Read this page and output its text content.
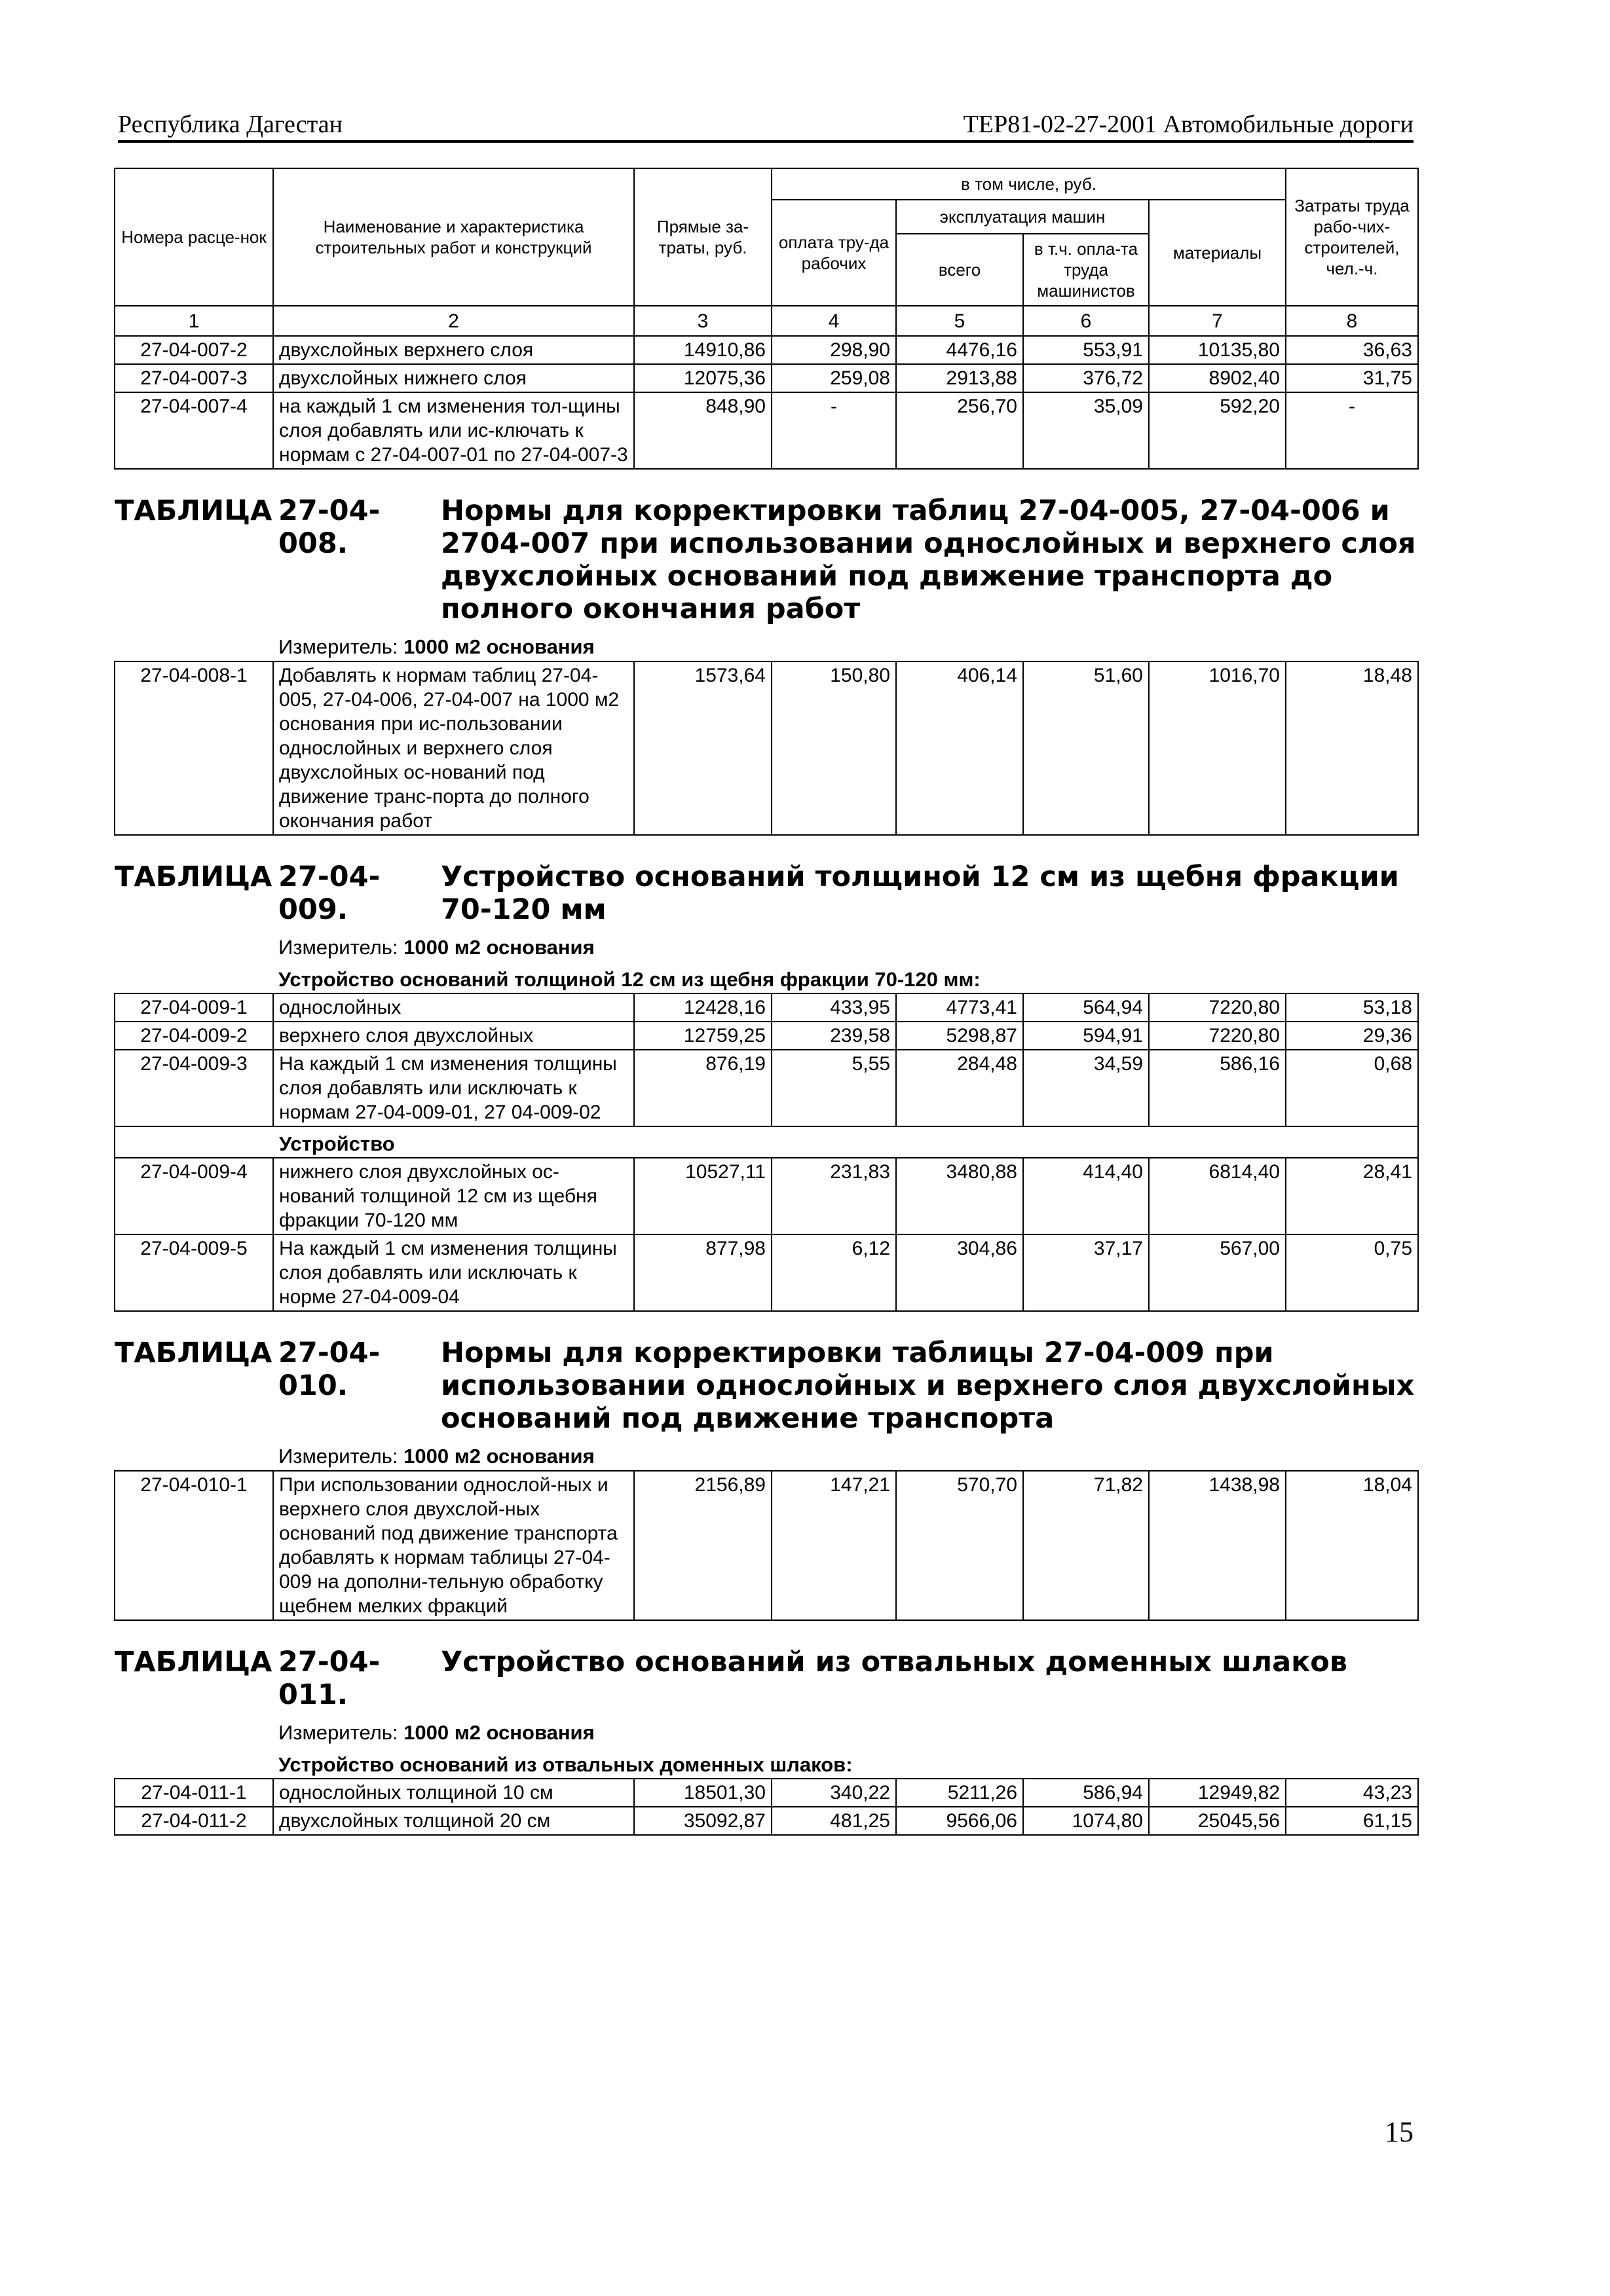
Республика Дагестан	ТЕР81-02-27-2001 Автомобильные дороги
Номера расце-нок	Наименование и характеристика строительных работ и конструкций	Прямые за-траты, руб.	в том числе, руб.				Затраты труда рабо-чих-строителей, чел.-ч.
			оплата тру-да рабочих	эксплуатация машин		материалы	
				всего	в т.ч. опла-та труда машинистов		
1	2	3	4	5	6	7	8
27-04-007-2	двухслойных верхнего слоя	14910,86	298,90	4476,16	553,91	10135,80	36,63
27-04-007-3	двухслойных нижнего слоя	12075,36	259,08	2913,88	376,72	8902,40	31,75
27-04-007-4	на каждый 1 см изменения тол-щины слоя добавлять или ис-ключать к нормам с 27-04-007-01 по 27-04-007-3	848,90	-	256,70	35,09	592,20	-

ТАБЛИЦА 27-04-008.
Нормы для корректировки таблиц 27-04-005, 27-04-006 и 2704-007 при использовании однослойных и верхнего слоя двухслойных оснований под движение транспорта до полного окончания работ
Измеритель: 1000 м2 основания							

27-04-008-1	Добавлять к нормам таблиц 27-04-005, 27-04-006, 27-04-007 на 1000 м2 основания при ис-пользовании однослойных и верхнего слоя двухслойных ос-нований под движение транс-порта до полного окончания работ	1573,64	150,80	406,14	51,60	1016,70	18,48

ТАБЛИЦА 27-04-009.
Устройство оснований толщиной 12 см из щебня фракции 70-120 мм
Измеритель: 1000 м2 основания							

Устройство оснований толщиной 12 см из щебня фракции 70-120 мм:							
27-04-009-1	однослойных	12428,16	433,95	4773,41	564,94	7220,80	53,18
27-04-009-2	верхнего слоя двухслойных	12759,25	239,58	5298,87	594,91	7220,80	29,36
27-04-009-3	На каждый 1 см изменения толщины слоя добавлять или исключать к нормам 27-04-009-01, 27 04-009-02	876,19	5,55	284,48	34,59	586,16	0,68
Устройство							
27-04-009-4	нижнего слоя двухслойных ос-нований толщиной 12 см из щебня фракции 70-120 мм	10527,11	231,83	3480,88	414,40	6814,40	28,41
27-04-009-5	На каждый 1 см изменения толщины слоя добавлять или исключать к норме 27-04-009-04	877,98	6,12	304,86	37,17	567,00	0,75

ТАБЛИЦА 27-04-010.
Нормы для корректировки таблицы 27-04-009 при использовании однослойных и верхнего слоя двухслойных оснований под движение транспорта
Измеритель: 1000 м2 основания							

27-04-010-1	При использовании однослой-ных и верхнего слоя двухслой-ных оснований под движение транспорта добавлять к нормам таблицы 27-04-009 на дополни-тельную обработку щебнем мелких фракций	2156,89	147,21	570,70	71,82	1438,98	18,04

ТАБЛИЦА 27-04-011.
Устройство оснований из отвальных доменных шлаков
Измеритель: 1000 м2 основания							

Устройство оснований из отвальных доменных шлаков:							
27-04-011-1	однослойных толщиной 10 см	18501,30	340,22	5211,26	586,94	12949,82	43,23
27-04-011-2	двухслойных толщиной 20 см	35092,87	481,25	9566,06	1074,80	25045,56	61,15
15
